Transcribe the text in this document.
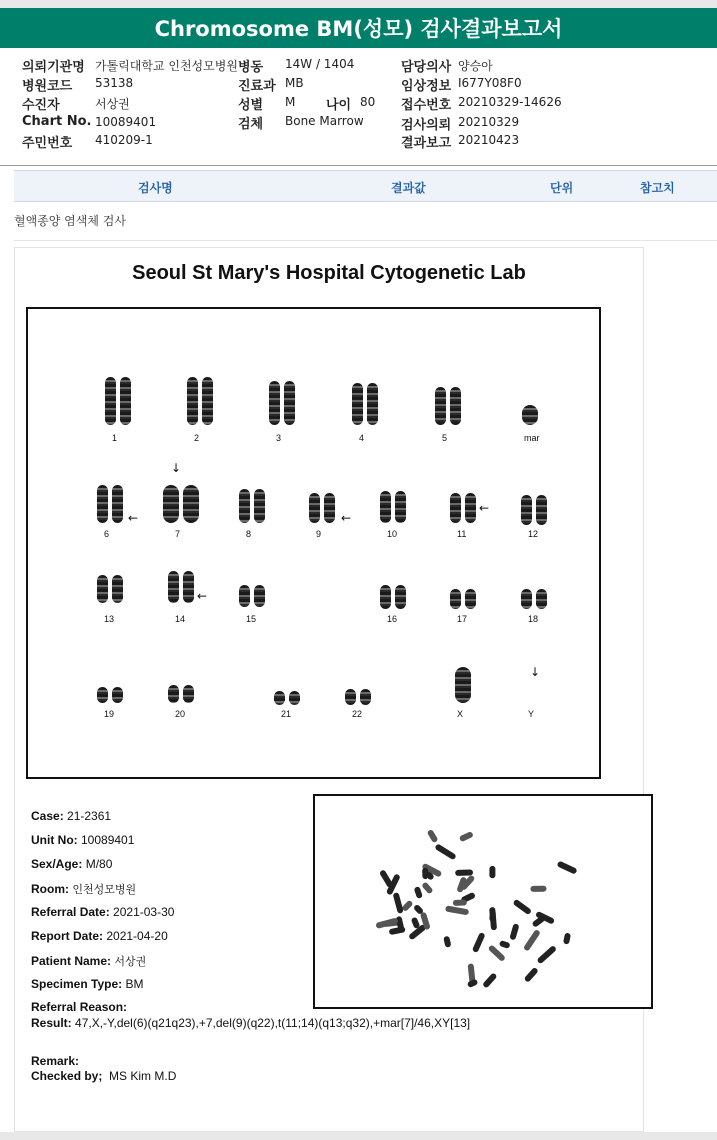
Chromosome BM(성모) 검사결과보고서
의뢰기관명 가톨릭대학교 인천성모병원 병동 14W / 1404	담당의사 양승아
병원코드 53138	진료과 MB	임상정보 I677Y08F0
수진자	서상권	성별 M 나이 80 접수번호 20210329-14626
Chart No. 10089401	검체 Bone Marrow	검사의뢰 20210329
주민번호 410209-1	결과보고 20210423
검사명	결과값	단위	참고치
혈액종양 염색체 검사
Seoul St Mary's Hospital Cytogenetic Lab
1	2	3	4	5	mar
6	7	8	9	10	11	12
13	14	15	16	17	18
19	20	21	22	X	Y
←
↓
←
←
←
↓
Case: 21-2361
Unit No: 10089401
Sex/Age: M/80
Room: 인천성모병원
Referral Date: 2021-03-30
Report Date: 2021-04-20
Patient Name: 서상권
Specimen Type: BM
Referral Reason:
Result: 47,X,-Y,del(6)(q21q23),+7,del(9)(q22),t(11;14)(q13;q32),+mar[7]/46,XY[13]
Remark:
Checked by; MS Kim M.D
